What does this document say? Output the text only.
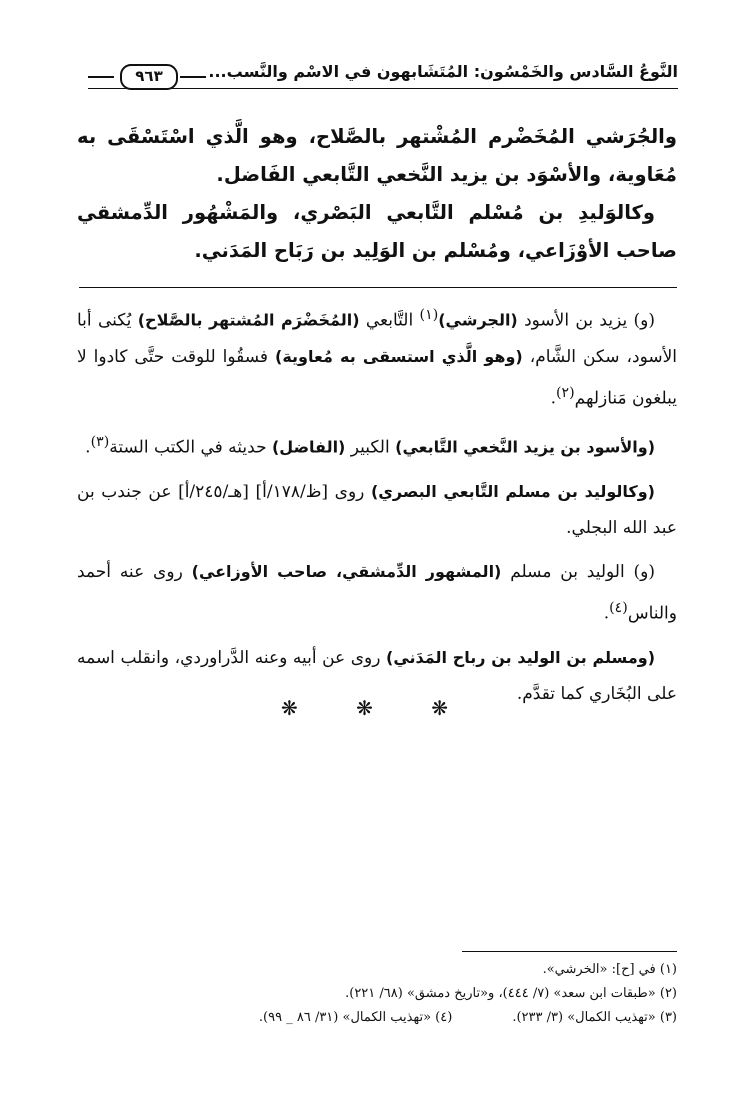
النَّوعُ السَّادس والخَمْسُون: المُتَشَابهون في الاسْم والنَّسب...
٩٦٣

والجُرَشي المُخَضْرم المُشْتهر بالصَّلاح، وهو الَّذي اسْتَسْقَى به مُعَاوية، والأسْوَد بن يزيد النَّخعي التَّابعي الفَاضل.

وكالوَليدِ بن مُسْلم التَّابعي البَصْري، والمَشْهُور الدِّمشقي صاحب الأوْزَاعي، ومُسْلم بن الوَلِيد بن رَبَاح المَدَني.

(و) يزيد بن الأسود (الجرشي)$^{(١)}$ التَّابعي (المُخَضْرَم المُشتهر بالصَّلاح) يُكنى أبا الأسود، سكن الشَّام، (وهو الَّذي استسقى به مُعاوية) فسقُوا للوقت حتَّى كادوا لا يبلغون مَنازلهم$^{(٢)}$.

(والأسود بن يزيد النَّخعي التَّابعي) الكبير (الفاضل) حديثه في الكتب الستة$^{(٣)}$.

(وكالوليد بن مسلم التَّابعي البصري) روى [ظ/١٧٨/أ] [هـ/٢٤٥/أ] عن جندب بن عبد الله البجلي.

(و) الوليد بن مسلم (المشهور الدِّمشقي، صاحب الأوزاعي) روى عنه أحمد والناس$^{(٤)}$.

(ومسلم بن الوليد بن رباح المَدَني) روى عن أبيه وعنه الدَّراوردي، وانقلب اسمه على البُخَاري كما تقدَّم.

❋ ❋ ❋
(١) في [ح]: «الخرشي».
(٢) «طبقات ابن سعد» (٧/ ٤٤٤)، و«تاريخ دمشق» (٦٨/ ٢٢١).
(٣) «تهذيب الكمال» (٣/ ٢٣٣).(٤) «تهذيب الكمال» (٣١/ ٨٦ _ ٩٩).
